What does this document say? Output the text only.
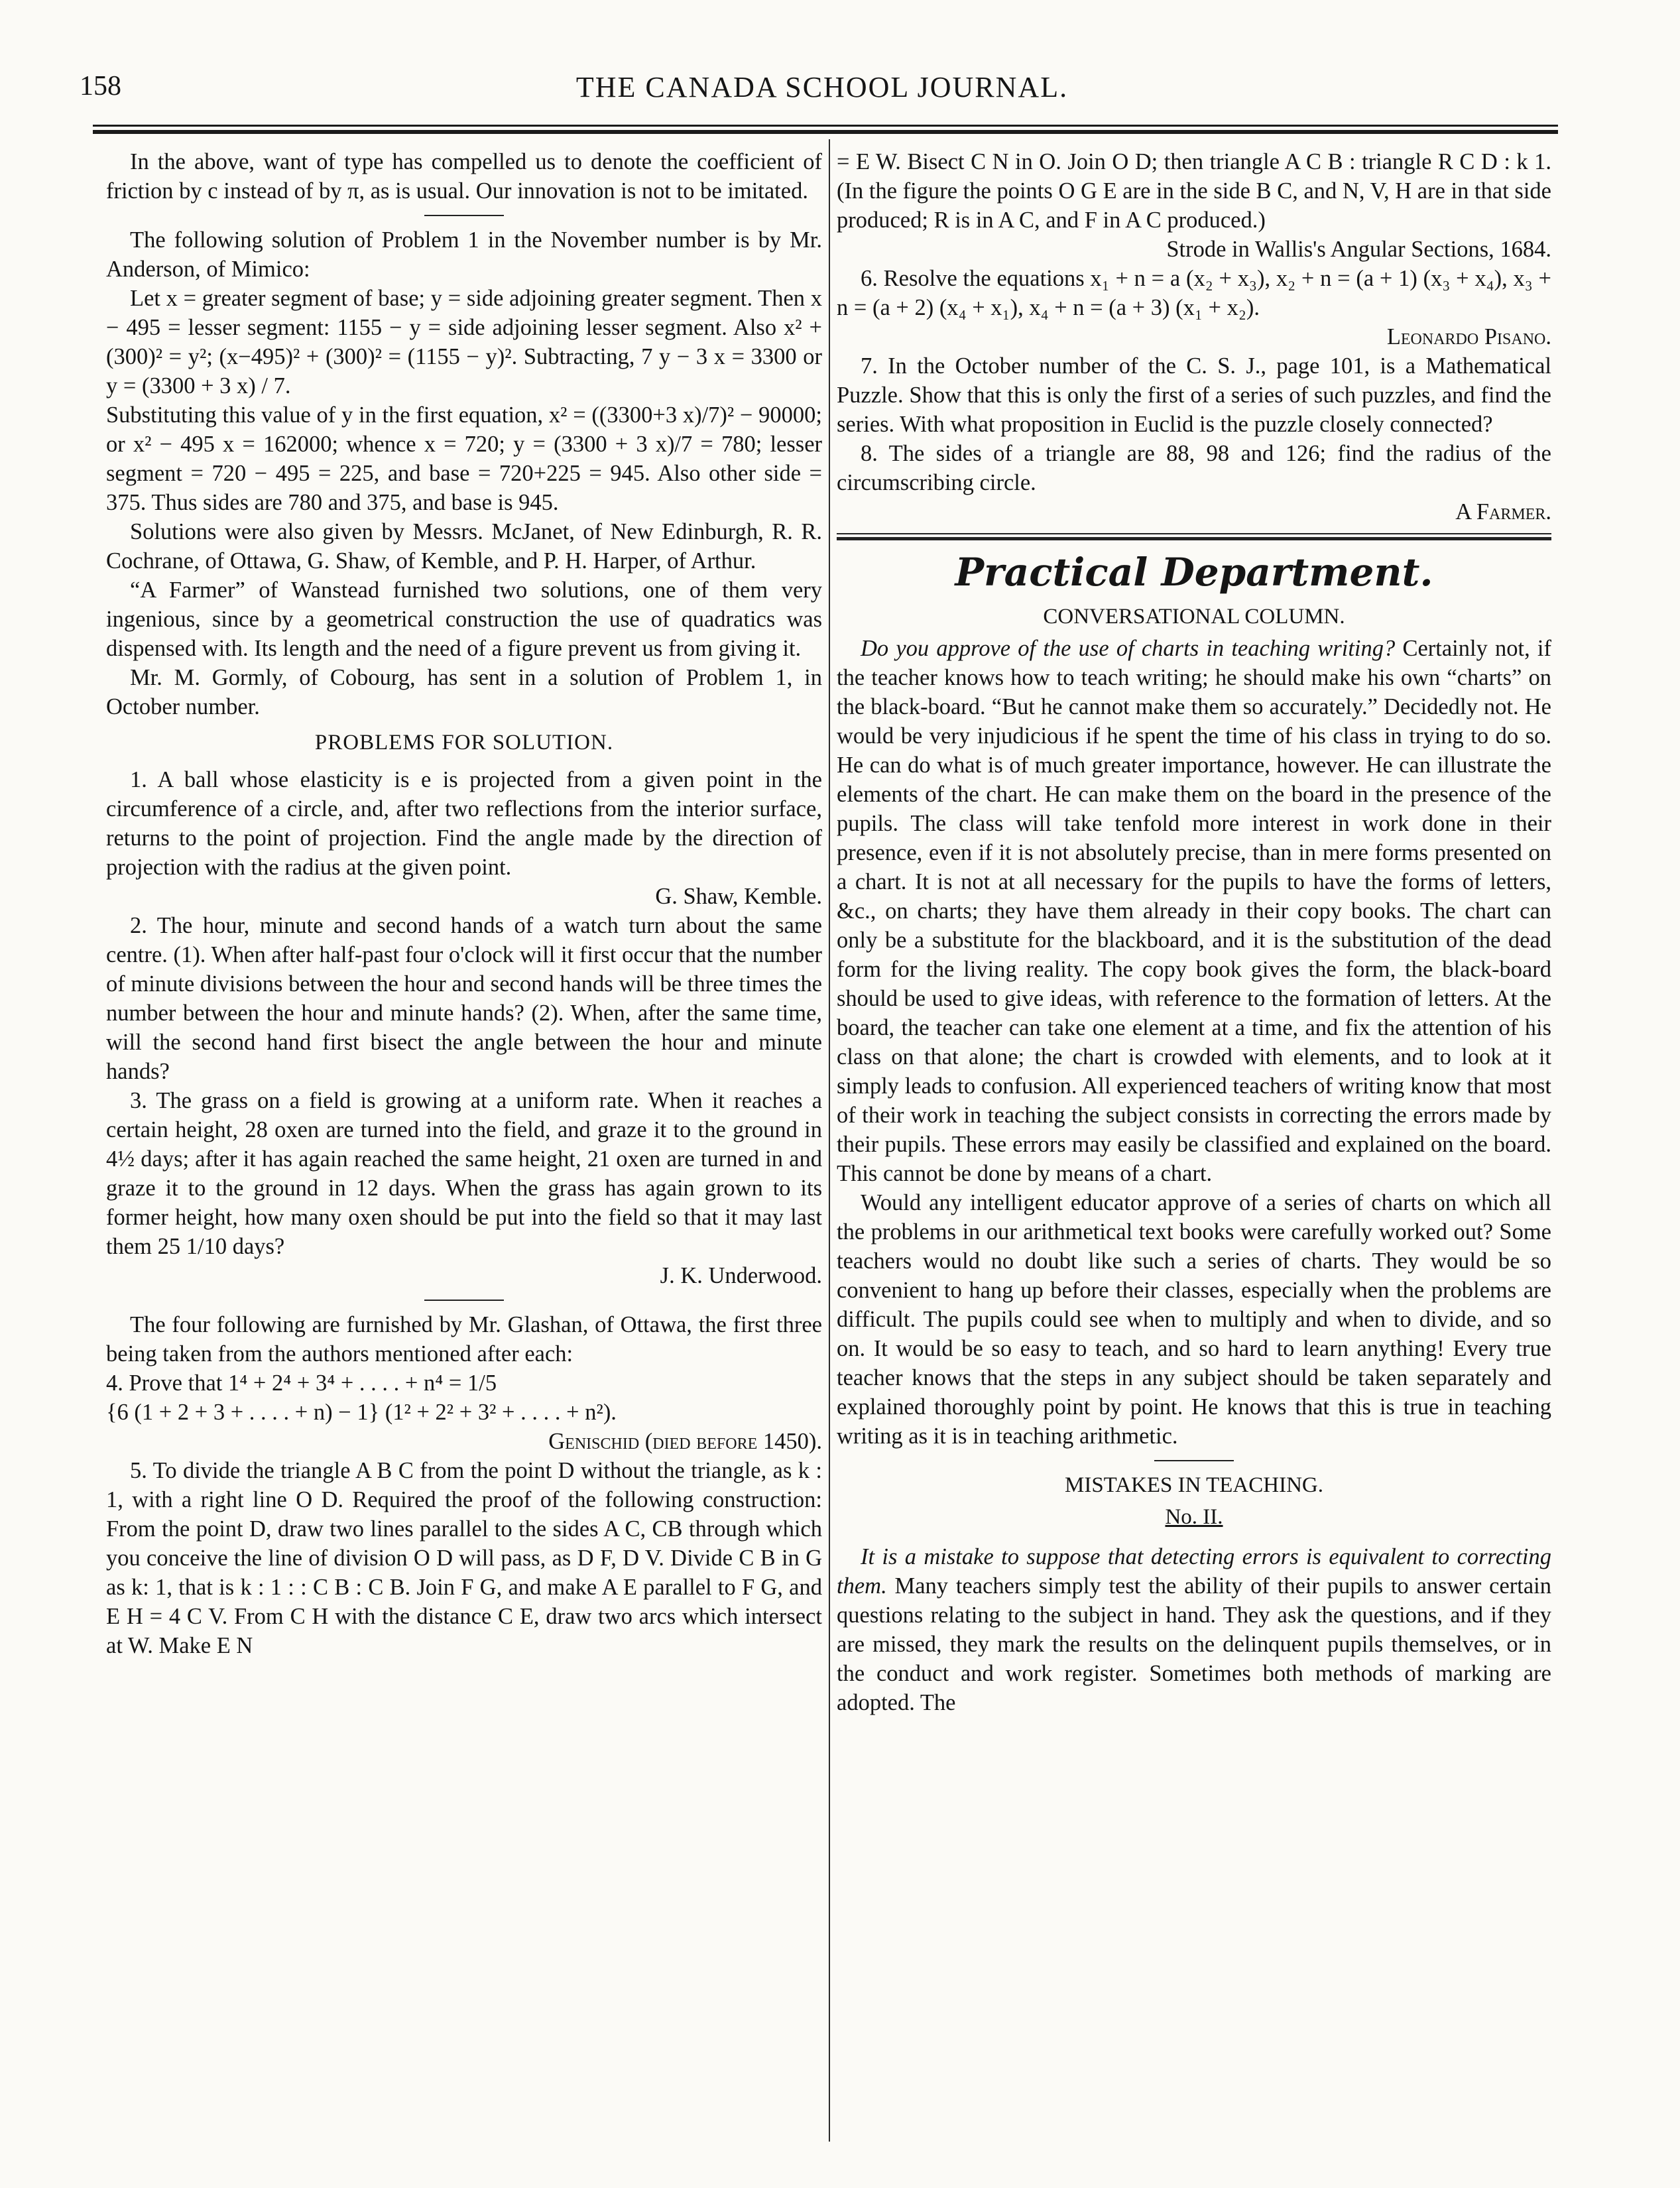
158	THE CANADA SCHOOL JOURNAL.

In the above, want of type has compelled us to denote the coefficient of friction by c instead of by π, as is usual. Our innovation is not to be imitated.

The following solution of Problem 1 in the November number is by Mr. Anderson, of Mimico:

Let x = greater segment of base; y = side adjoining greater segment. Then x − 495 = lesser segment: 1155 − y = side adjoining lesser segment. Also x² + (300)² = y²; (x−495)² + (300)² = (1155 − y)². Subtracting, 7 y − 3 x = 3300 or y = (3300 + 3 x) / 7.

Substituting this value of y in the first equation, x² = ((3300+3 x)/7)² − 90000; or x² − 495 x = 162000; whence x = 720; y = (3300 + 3 x)/7 = 780; lesser segment = 720 − 495 = 225, and base = 720+225 = 945. Also other side = 375. Thus sides are 780 and 375, and base is 945.

Solutions were also given by Messrs. McJanet, of New Edinburgh, R. R. Cochrane, of Ottawa, G. Shaw, of Kemble, and P. H. Harper, of Arthur.

“A Farmer” of Wanstead furnished two solutions, one of them very ingenious, since by a geometrical construction the use of quadratics was dispensed with. Its length and the need of a figure prevent us from giving it.

Mr. M. Gormly, of Cobourg, has sent in a solution of Problem 1, in October number.

PROBLEMS FOR SOLUTION.

1. A ball whose elasticity is e is projected from a given point in the circumference of a circle, and, after two reflections from the interior surface, returns to the point of projection. Find the angle made by the direction of projection with the radius at the given point.

G. Shaw, Kemble.

2. The hour, minute and second hands of a watch turn about the same centre. (1). When after half-past four o'clock will it first occur that the number of minute divisions between the hour and second hands will be three times the number between the hour and minute hands? (2). When, after the same time, will the second hand first bisect the angle between the hour and minute hands?

3. The grass on a field is growing at a uniform rate. When it reaches a certain height, 28 oxen are turned into the field, and graze it to the ground in 4½ days; after it has again reached the same height, 21 oxen are turned in and graze it to the ground in 12 days. When the grass has again grown to its former height, how many oxen should be put into the field so that it may last them 25 1/10 days?

J. K. Underwood.

The four following are furnished by Mr. Glashan, of Ottawa, the first three being taken from the authors mentioned after each:

4. Prove that 1⁴ + 2⁴ + 3⁴ + . . . . + n⁴ = 1/5

{6 (1 + 2 + 3 + . . . . + n) − 1} (1² + 2² + 3² + . . . . + n²).

Genischid (died before 1450).

5. To divide the triangle A B C from the point D without the triangle, as k : 1, with a right line O D. Required the proof of the following construction: From the point D, draw two lines parallel to the sides A C, CB through which you conceive the line of division O D will pass, as D F, D V. Divide C B in G as k: 1, that is k : 1 : : C B : C B. Join F G, and make A E parallel to F G, and E H = 4 C V. From C H with the distance C E, draw two arcs which intersect at W. Make E N

= E W. Bisect C N in O. Join O D; then triangle A C B : triangle R C D : k 1. (In the figure the points O G E are in the side B C, and N, V, H are in that side produced; R is in A C, and F in A C produced.)

Strode in Wallis's Angular Sections, 1684.

6. Resolve the equations x₁ + n = a (x₂ + x₃), x₂ + n = (a + 1) (x₃ + x₄), x₃ + n = (a + 2) (x₄ + x₁), x₄ + n = (a + 3) (x₁ + x₂).

Leonardo Pisano.

7. In the October number of the C. S. J., page 101, is a Mathematical Puzzle. Show that this is only the first of a series of such puzzles, and find the series. With what proposition in Euclid is the puzzle closely connected?

8. The sides of a triangle are 88, 98 and 126; find the radius of the circumscribing circle.

A Farmer.

Practical Department.
CONVERSATIONAL COLUMN.

Do you approve of the use of charts in teaching writing? Certainly not, if the teacher knows how to teach writing; he should make his own “charts” on the black-board. “But he cannot make them so accurately.” Decidedly not. He would be very injudicious if he spent the time of his class in trying to do so. He can do what is of much greater importance, however. He can illustrate the elements of the chart. He can make them on the board in the presence of the pupils. The class will take tenfold more interest in work done in their presence, even if it is not absolutely precise, than in mere forms presented on a chart. It is not at all necessary for the pupils to have the forms of letters, &c., on charts; they have them already in their copy books. The chart can only be a substitute for the blackboard, and it is the substitution of the dead form for the living reality. The copy book gives the form, the black-board should be used to give ideas, with reference to the formation of letters. At the board, the teacher can take one element at a time, and fix the attention of his class on that alone; the chart is crowded with elements, and to look at it simply leads to confusion. All experienced teachers of writing know that most of their work in teaching the subject consists in correcting the errors made by their pupils. These errors may easily be classified and explained on the board. This cannot be done by means of a chart.

Would any intelligent educator approve of a series of charts on which all the problems in our arithmetical text books were carefully worked out? Some teachers would no doubt like such a series of charts. They would be so convenient to hang up before their classes, especially when the problems are difficult. The pupils could see when to multiply and when to divide, and so on. It would be so easy to teach, and so hard to learn anything! Every true teacher knows that the steps in any subject should be taken separately and explained thoroughly point by point. He knows that this is true in teaching writing as it is in teaching arithmetic.

MISTAKES IN TEACHING.
No. II.

It is a mistake to suppose that detecting errors is equivalent to correcting them. Many teachers simply test the ability of their pupils to answer certain questions relating to the subject in hand. They ask the questions, and if they are missed, they mark the results on the delinquent pupils themselves, or in the conduct and work register. Sometimes both methods of marking are adopted. The
